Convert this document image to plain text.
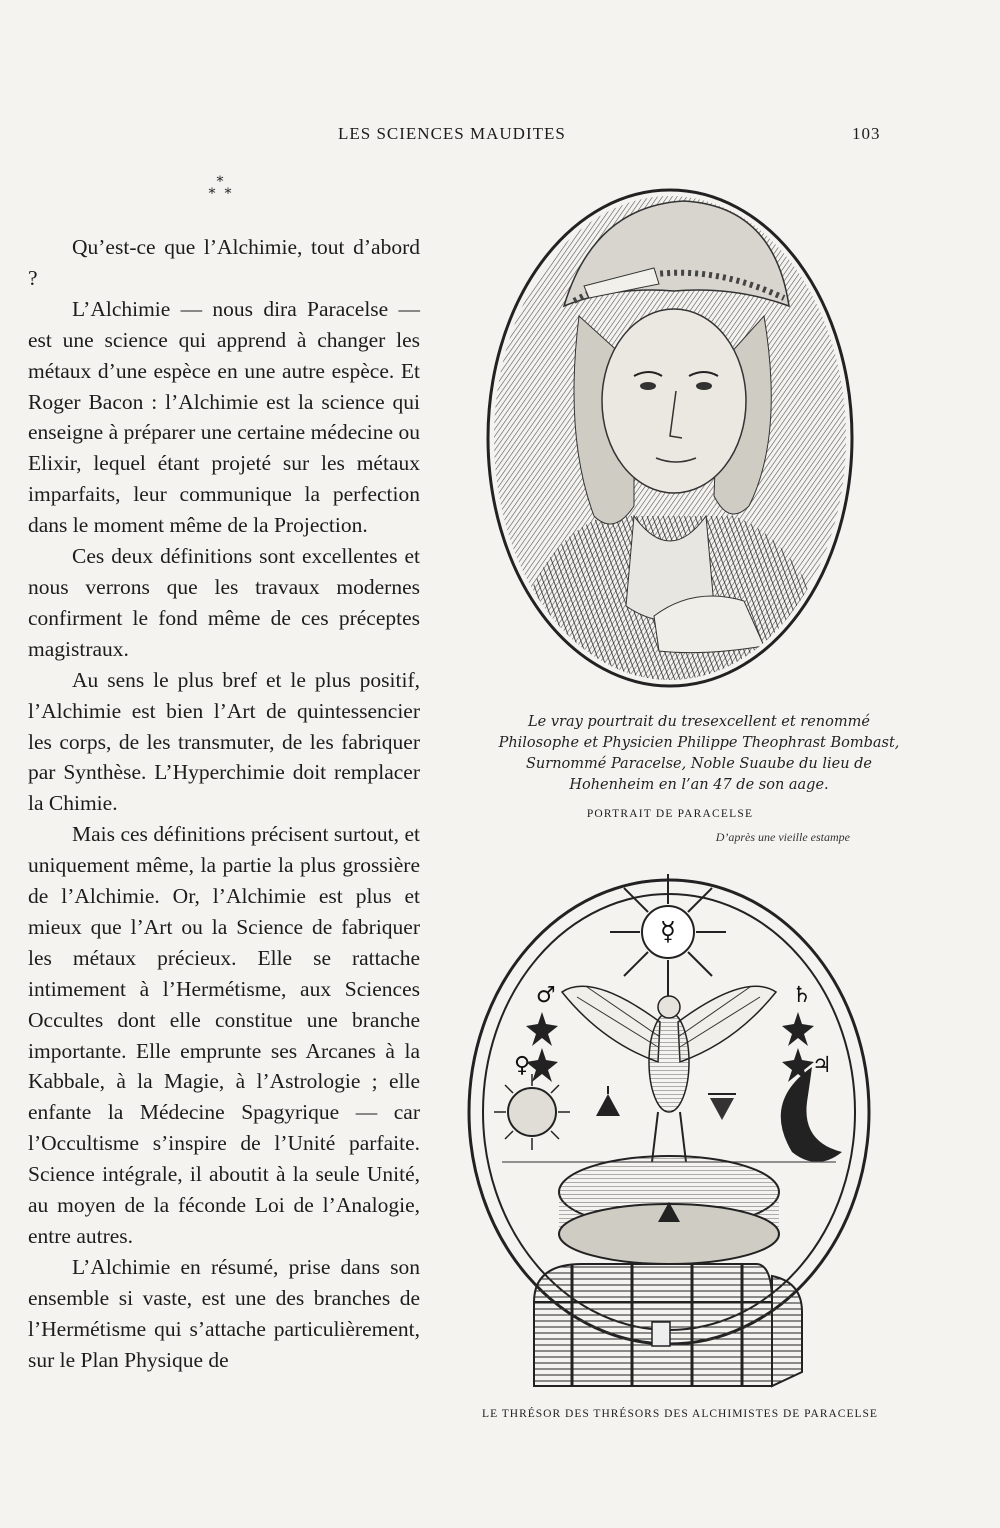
LES SCIENCES MAUDITES	103
*
*  *

Qu’est-ce que l’Alchimie, tout d’abord ?

L’Alchimie — nous dira Paracelse — est une science qui apprend à changer les métaux d’une espèce en une autre espèce. Et Roger Bacon : l’Alchimie est la science qui enseigne à préparer une certaine médecine ou Elixir, lequel étant projeté sur les métaux imparfaits, leur communique la perfection dans le moment même de la Projection.

Ces deux définitions sont excellentes et nous verrons que les travaux modernes confirment le fond même de ces préceptes magistraux.

Au sens le plus bref et le plus positif, l’Alchimie est bien l’Art de quintessencier les corps, de les transmuter, de les fabriquer par Synthèse. L’Hyperchimie doit remplacer la Chimie.

Mais ces définitions précisent surtout, et uniquement même, la partie la plus grossière de l’Alchimie. Or, l’Alchimie est plus et mieux que l’Art ou la Science de fabriquer les métaux précieux. Elle se rattache intimement à l’Hermétisme, aux Sciences Occultes dont elle constitue une branche importante. Elle emprunte ses Arcanes à la Kabbale, à la Magie, à l’Astrologie ; elle enfante la Médecine Spagyrique — car l’Occultisme s’inspire de l’Unité parfaite. Science intégrale, il aboutit à la seule Unité, au moyen de la féconde Loi de l’Analogie, entre autres.

L’Alchimie en résumé, prise dans son ensemble si vaste, est une des branches de l’Hermétisme qui s’attache particulièrement, sur le Plan Physique de

Le vray pourtrait du tresexcellent et renommé
Philosophe et Physicien Philippe Theophrast Bombast,
Surnommé Paracelse, Noble Suaube du lieu de
Hohenheim en l’an 47 de son aage.
PORTRAIT DE PARACELSE
D’après une vieille estampe
☿
♂	♄
♀	♃
LE THRÉSOR DES THRÉSORS DES ALCHIMISTES DE PARACELSE
